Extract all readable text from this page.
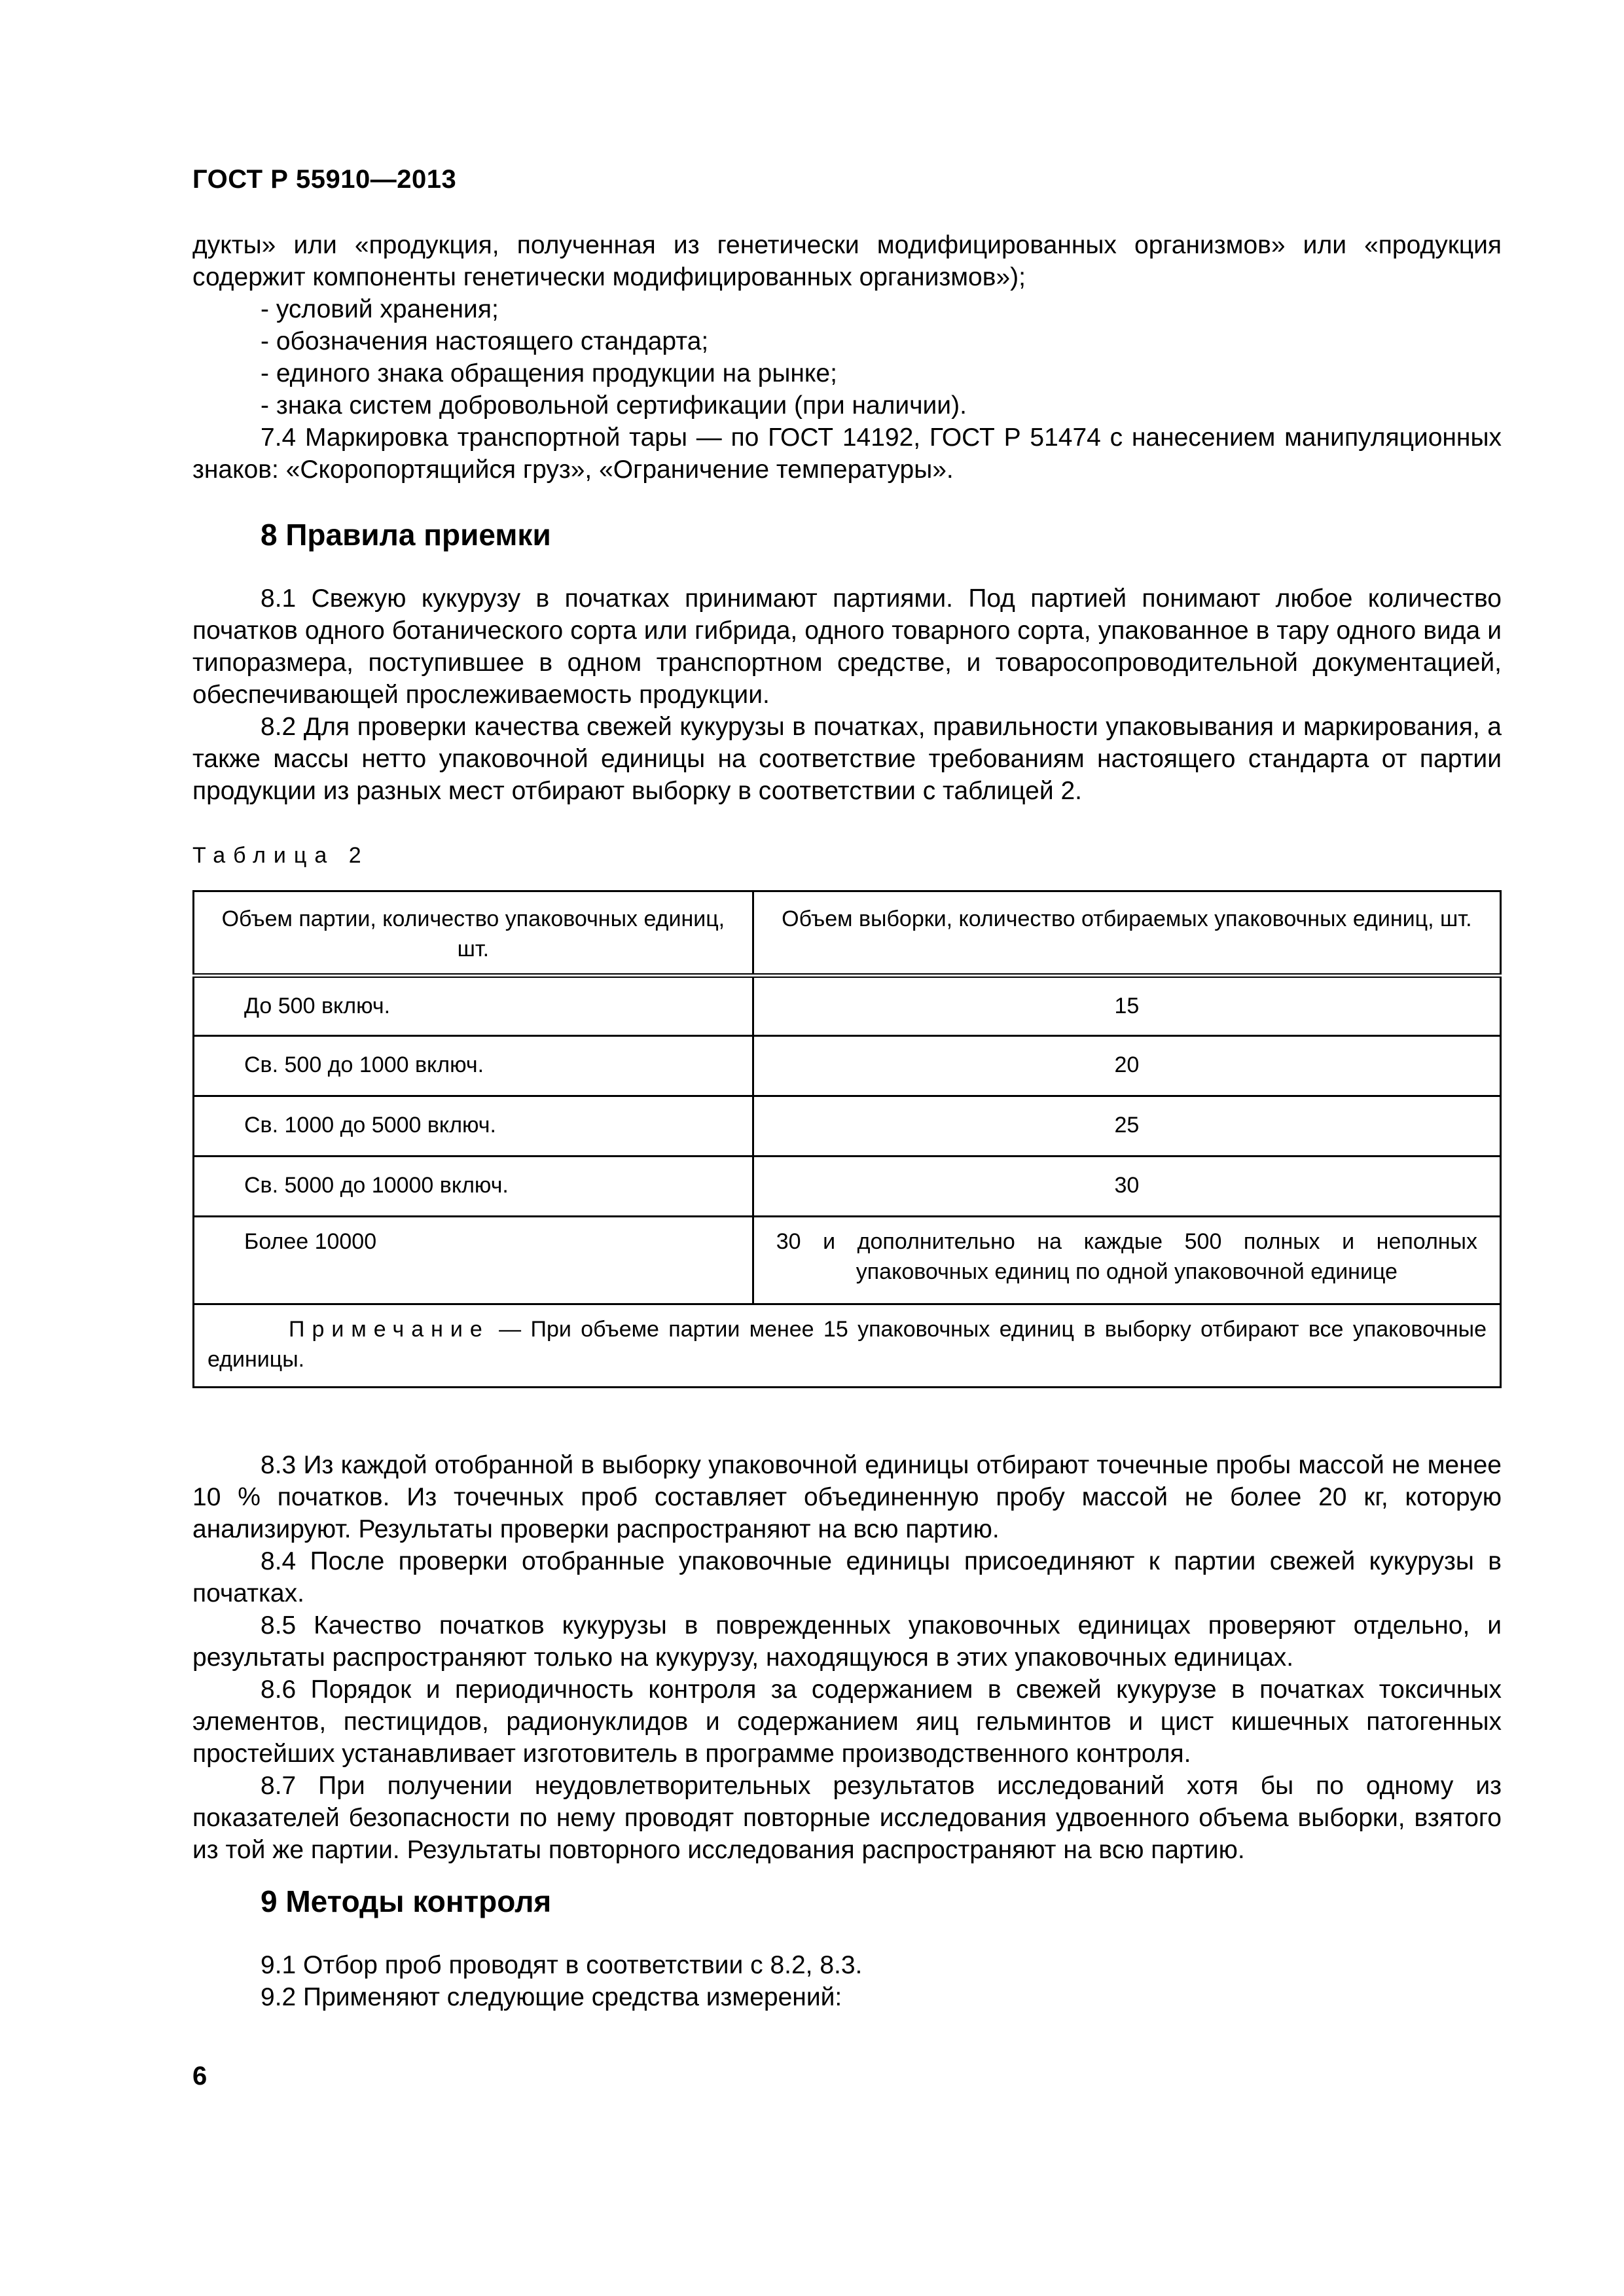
ГОСТ Р 55910—2013

дукты» или «продукция, полученная из генетически модифицированных организмов» или «продукция

содержит компоненты генетически модифицированных организмов»);

- условий хранения;

- обозначения настоящего стандарта;

- единого знака обращения продукции на рынке;

- знака систем добровольной сертификации (при наличии).

7.4 Маркировка транспортной тары — по ГОСТ 14192, ГОСТ Р 51474 с нанесением манипуляционных знаков: «Скоропортящийся груз», «Ограничение температуры».

8 Правила приемки

8.1 Свежую кукурузу в початках принимают партиями. Под партией понимают любое количество початков одного ботанического сорта или гибрида, одного товарного сорта, упакованное в тару одного вида и типоразмера, поступившее в одном транспортном средстве, и товаросопроводительной документацией, обеспечивающей прослеживаемость продукции.

8.2 Для проверки качества свежей кукурузы в початках, правильности упаковывания и маркирования, а также массы нетто упаковочной единицы на соответствие требованиям настоящего стандарта от партии продукции из разных мест отбирают выборку в соответствии с таблицей 2.

Таблица 2
Объем партии, количество упаковочных единиц, шт.	Объем выборки, количество отбираемых упаковочных единиц, шт.
До 500 включ.	15
Св. 500 до 1000 включ.	20
Св. 1000 до 5000 включ.	25
Св. 5000 до 10000 включ.	30
Более 10000	30 и дополнительно на каждые 500 полных и неполных упаковочных единиц по одной упаковочной единице
Примечание — При объеме партии менее 15 упаковочных единиц в выборку отбирают все упаковочные единицы.	

8.3 Из каждой отобранной в выборку упаковочной единицы отбирают точечные пробы массой не менее 10 % початков. Из точечных проб составляет объединенную пробу массой не более 20 кг, которую анализируют. Результаты проверки распространяют на всю партию.

8.4 После проверки отобранные упаковочные единицы присоединяют к партии свежей кукурузы в початках.

8.5 Качество початков кукурузы в поврежденных упаковочных единицах проверяют отдельно, и результаты распространяют только на кукурузу, находящуюся в этих упаковочных единицах.

8.6 Порядок и периодичность контроля за содержанием в свежей кукурузе в початках токсичных элементов, пестицидов, радионуклидов и содержанием яиц гельминтов и цист кишечных патогенных простейших устанавливает изготовитель в программе производственного контроля.

8.7 При получении неудовлетворительных результатов исследований хотя бы по одному из показателей безопасности по нему проводят повторные исследования удвоенного объема выборки, взятого из той же партии. Результаты повторного исследования распространяют на всю партию.

9 Методы контроля

9.1 Отбор проб проводят в соответствии с 8.2, 8.3.

9.2 Применяют следующие средства измерений:

6
